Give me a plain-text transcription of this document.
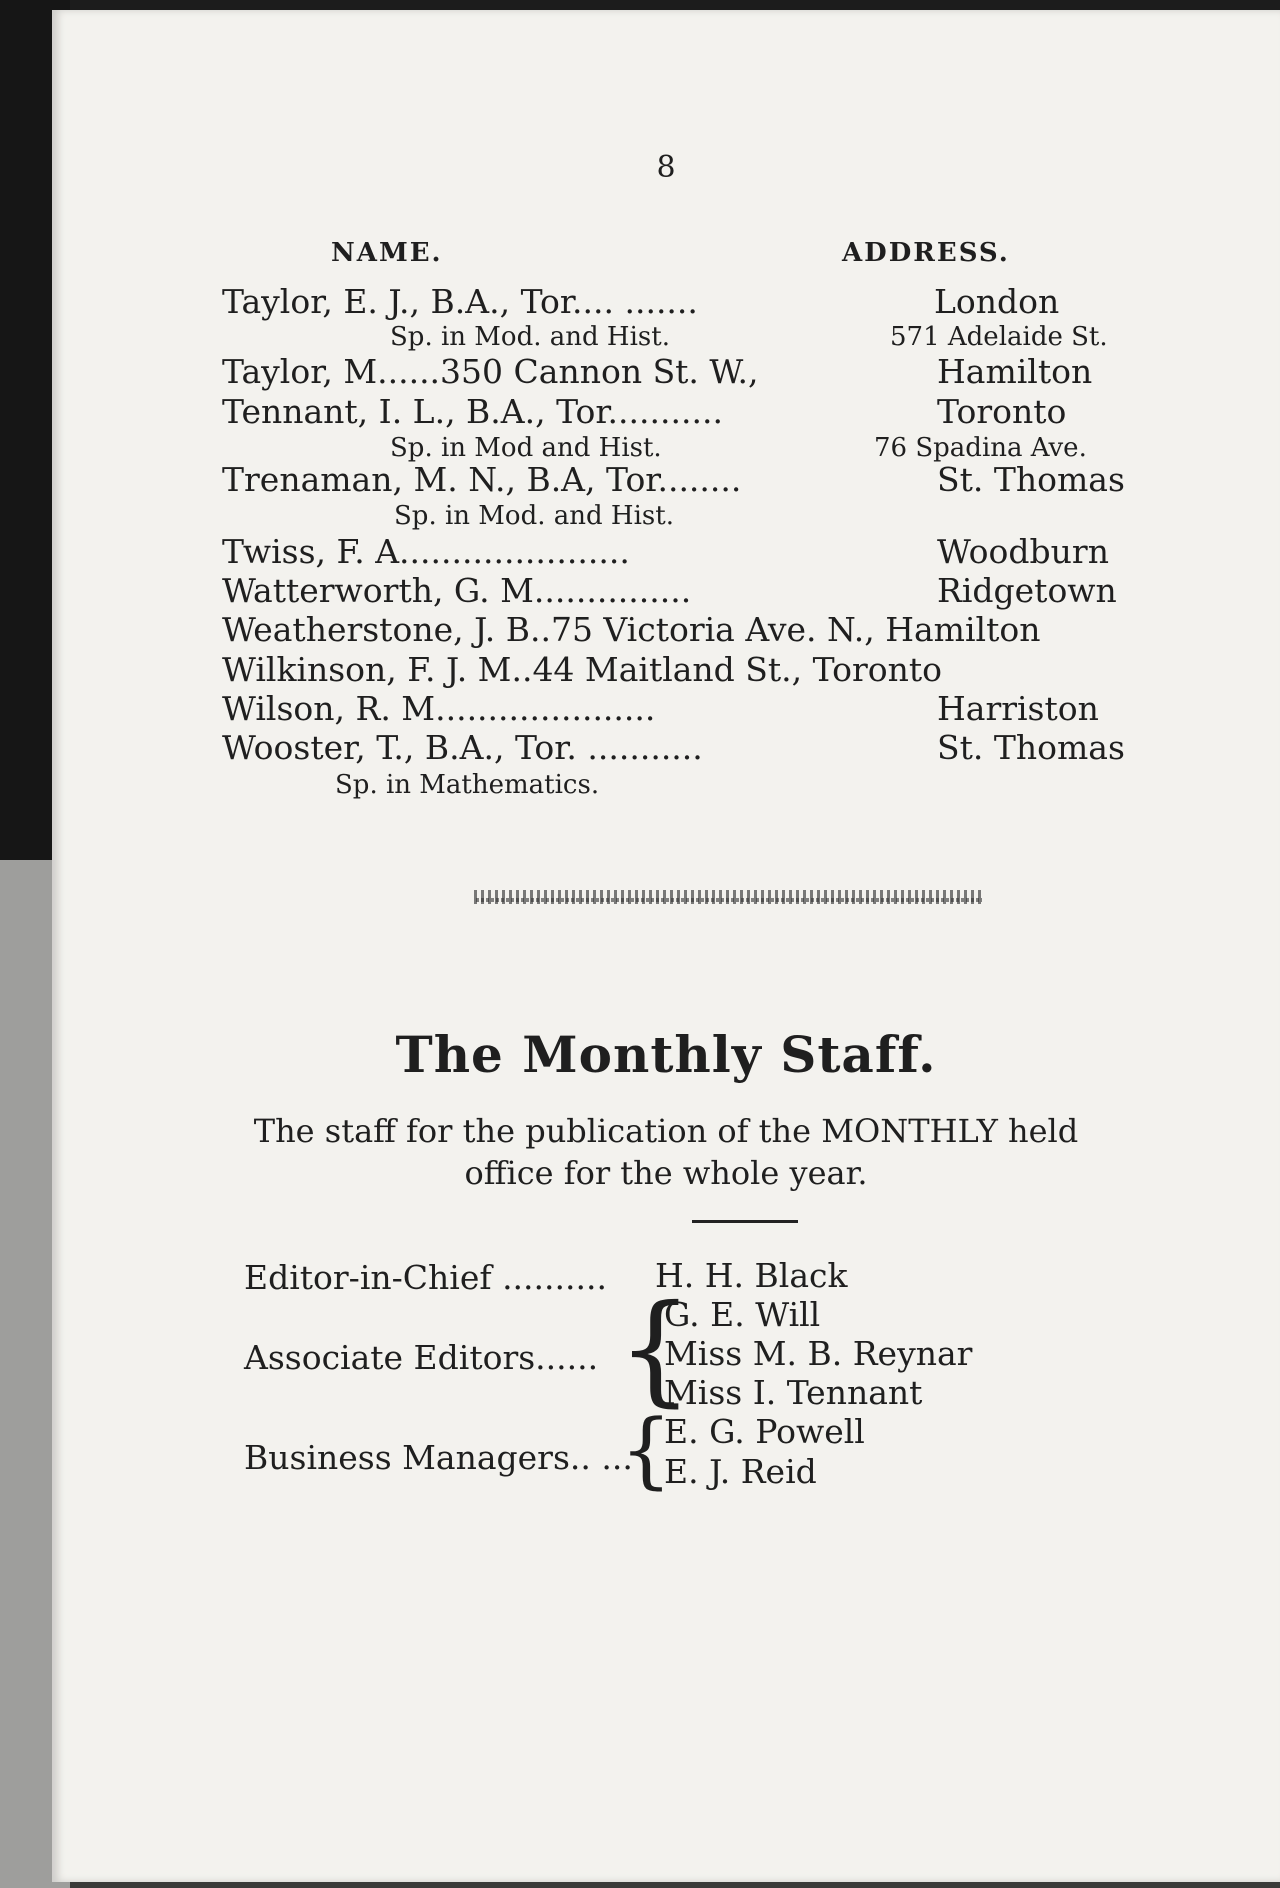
8
NAME.	ADDRESS.
Taylor, E. J., B.A., Tor.... .......	London
Sp. in Mod. and Hist.	571 Adelaide St.
Taylor, M......350 Cannon St. W.,	Hamilton
Tennant, I. L., B.A., Tor...........	Toronto
Sp. in Mod and Hist.	76 Spadina Ave.
Trenaman, M. N., B.A, Tor........	St. Thomas
Sp. in Mod. and Hist.
Twiss, F. A......................	Woodburn
Watterworth, G. M...............	Ridgetown
Weatherstone, J. B..75 Victoria Ave. N., Hamilton
Wilkinson, F. J. M..44 Maitland St., Toronto
Wilson, R. M.....................	Harriston
Wooster, T., B.A., Tor. ...........	St. Thomas
Sp. in Mathematics.
The Monthly Staff.
The staff for the publication of the MONTHLY held
office for the whole year.
Editor-in-Chief .......... H. H. Black
Associate Editors...... {
G. E. Will
Miss M. B. Reynar
Miss I. Tennant
Business Managers.. ...
{
E. G. Powell
E. J. Reid
